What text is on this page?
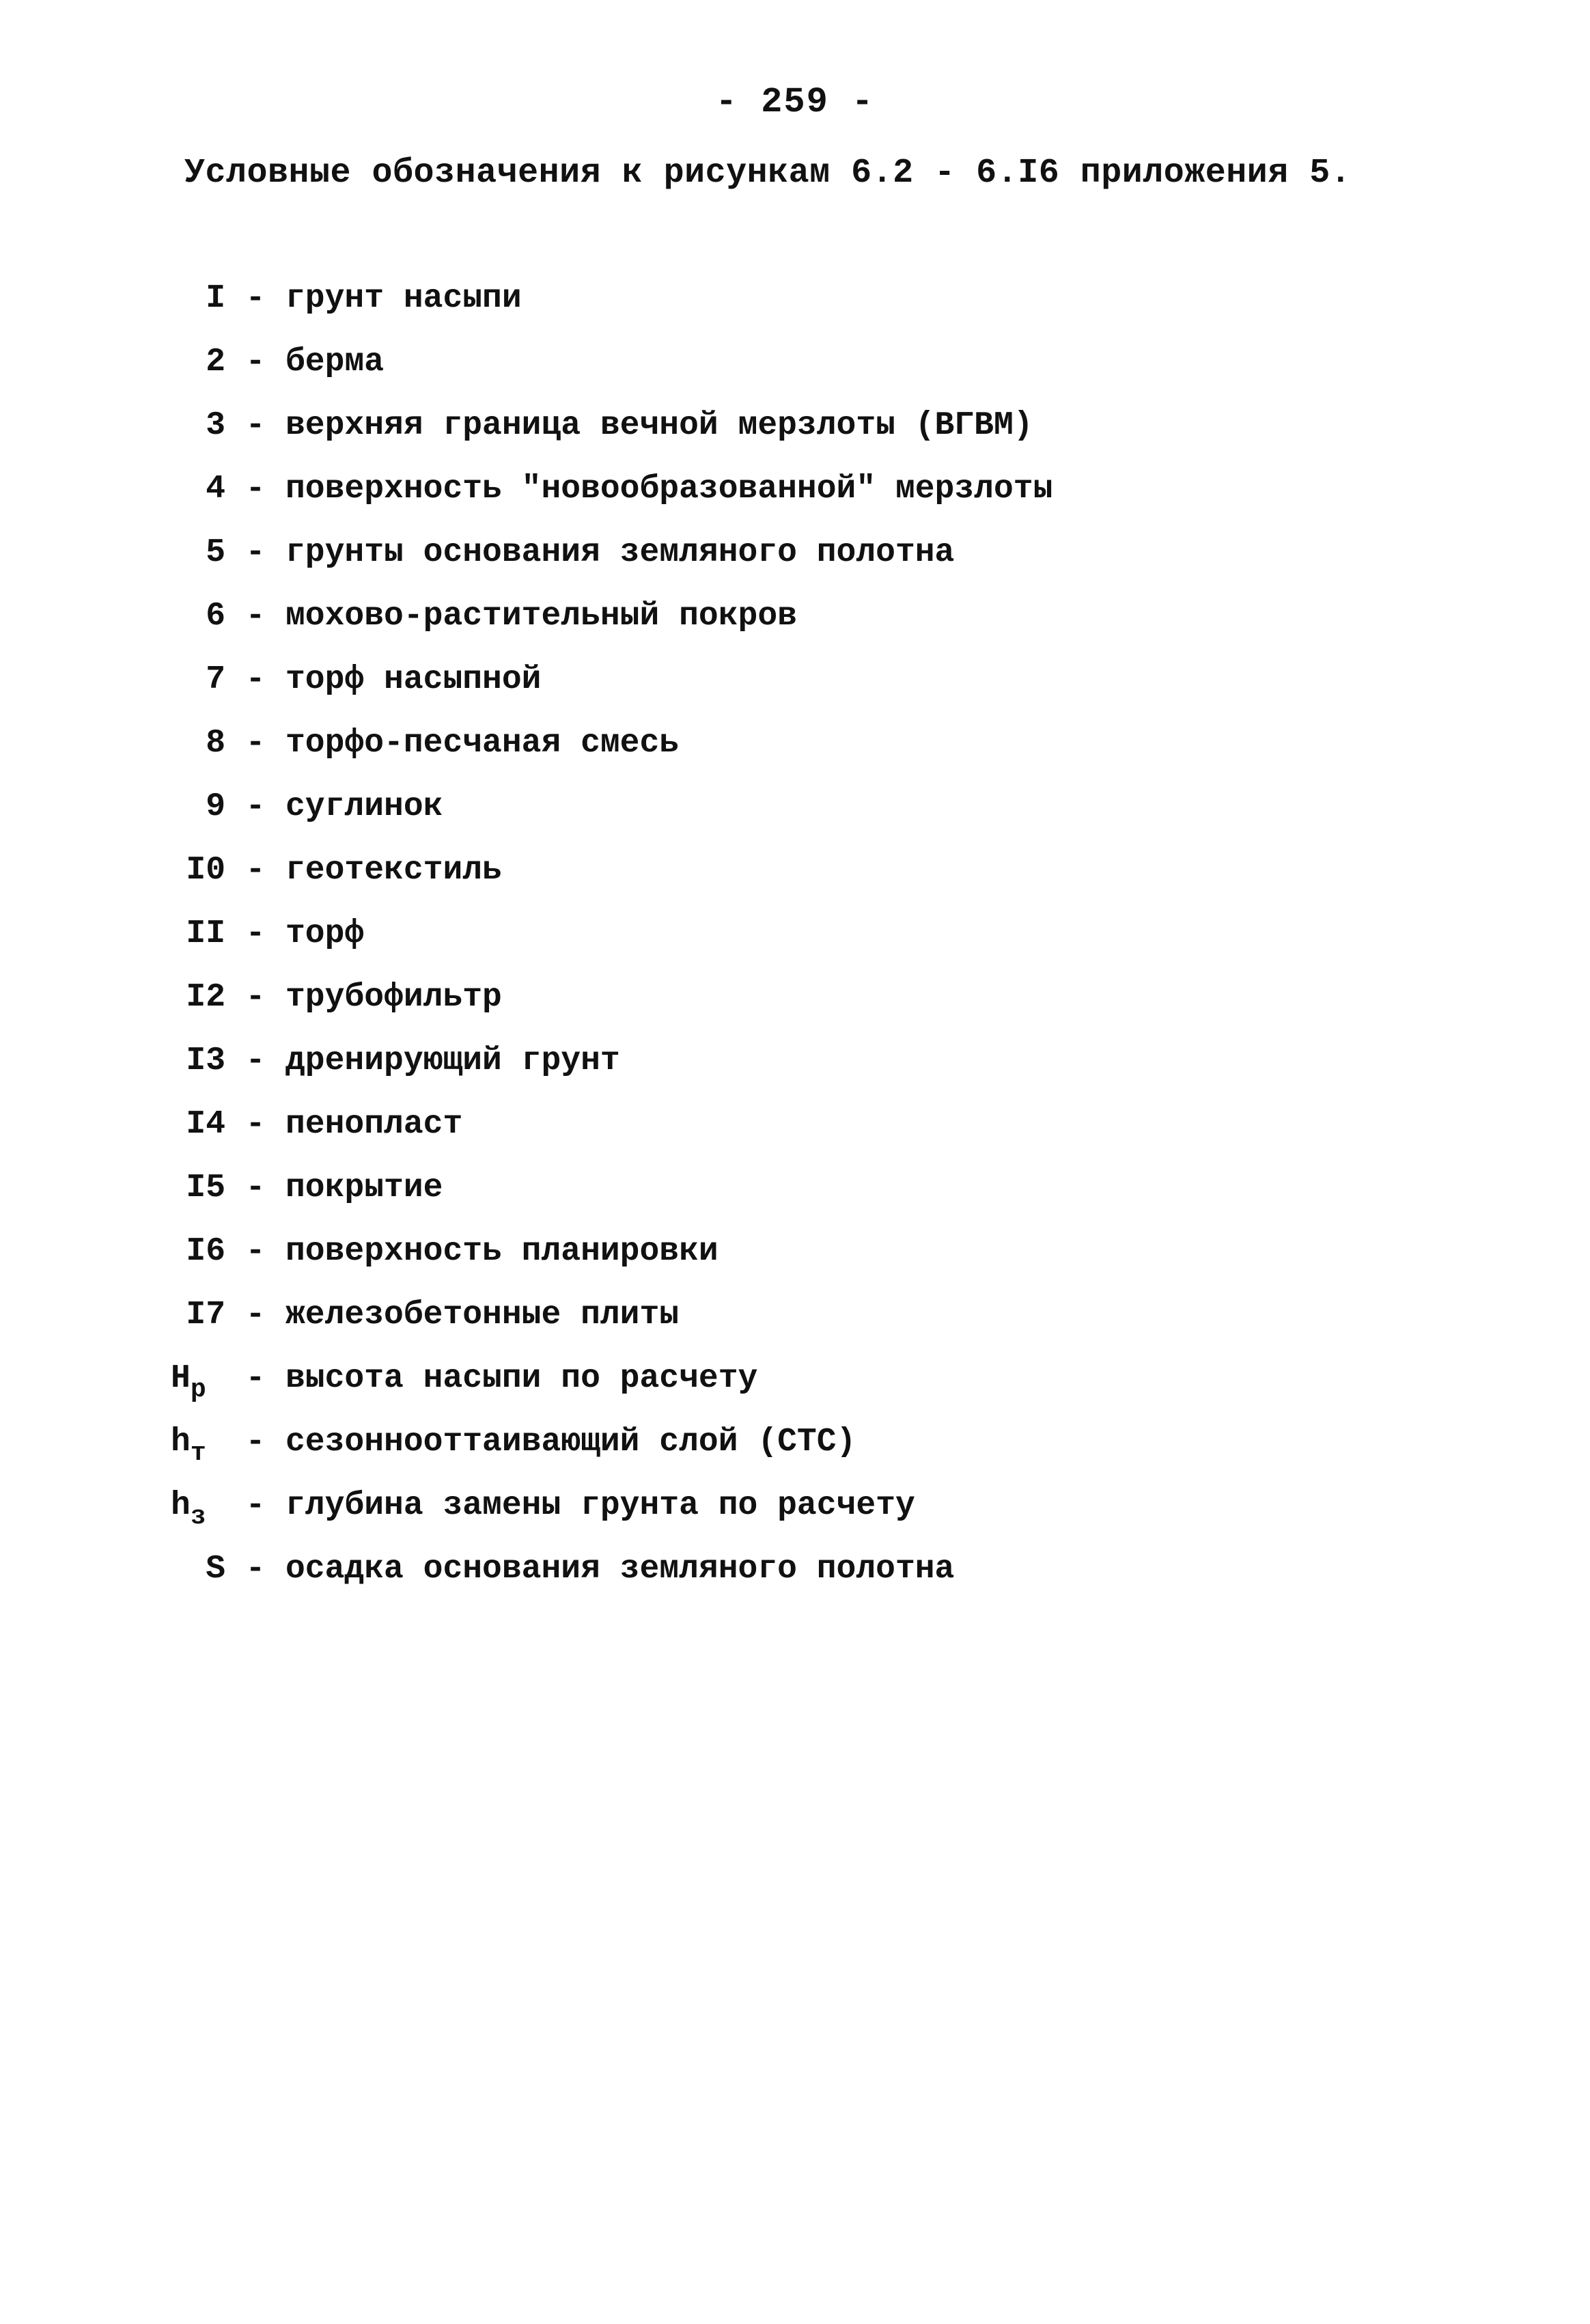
- 259 -
Условные обозначения к рисункам 6.2 - 6.I6 приложения 5.
I - грунт насыпи
2 - берма
3 - верхняя граница вечной мерзлоты (ВГВМ)
4 - поверхность "новообразованной" мерзлоты
5 - грунты основания земляного полотна
6 - мохово-растительный покров
7 - торф насыпной
8 - торфо-песчаная смесь
9 - суглинок
I0 - геотекстиль
II - торф
I2 - трубофильтр
I3 - дренирующий грунт
I4 - пенопласт
I5 - покрытие
I6 - поверхность планировки
I7 - железобетонные плиты
$H_р$	- высота насыпи по расчету
$h_т$	- сезоннооттаивающий слой (СТС)
$h_з$	- глубина замены грунта по расчету
S - осадка основания земляного полотна
